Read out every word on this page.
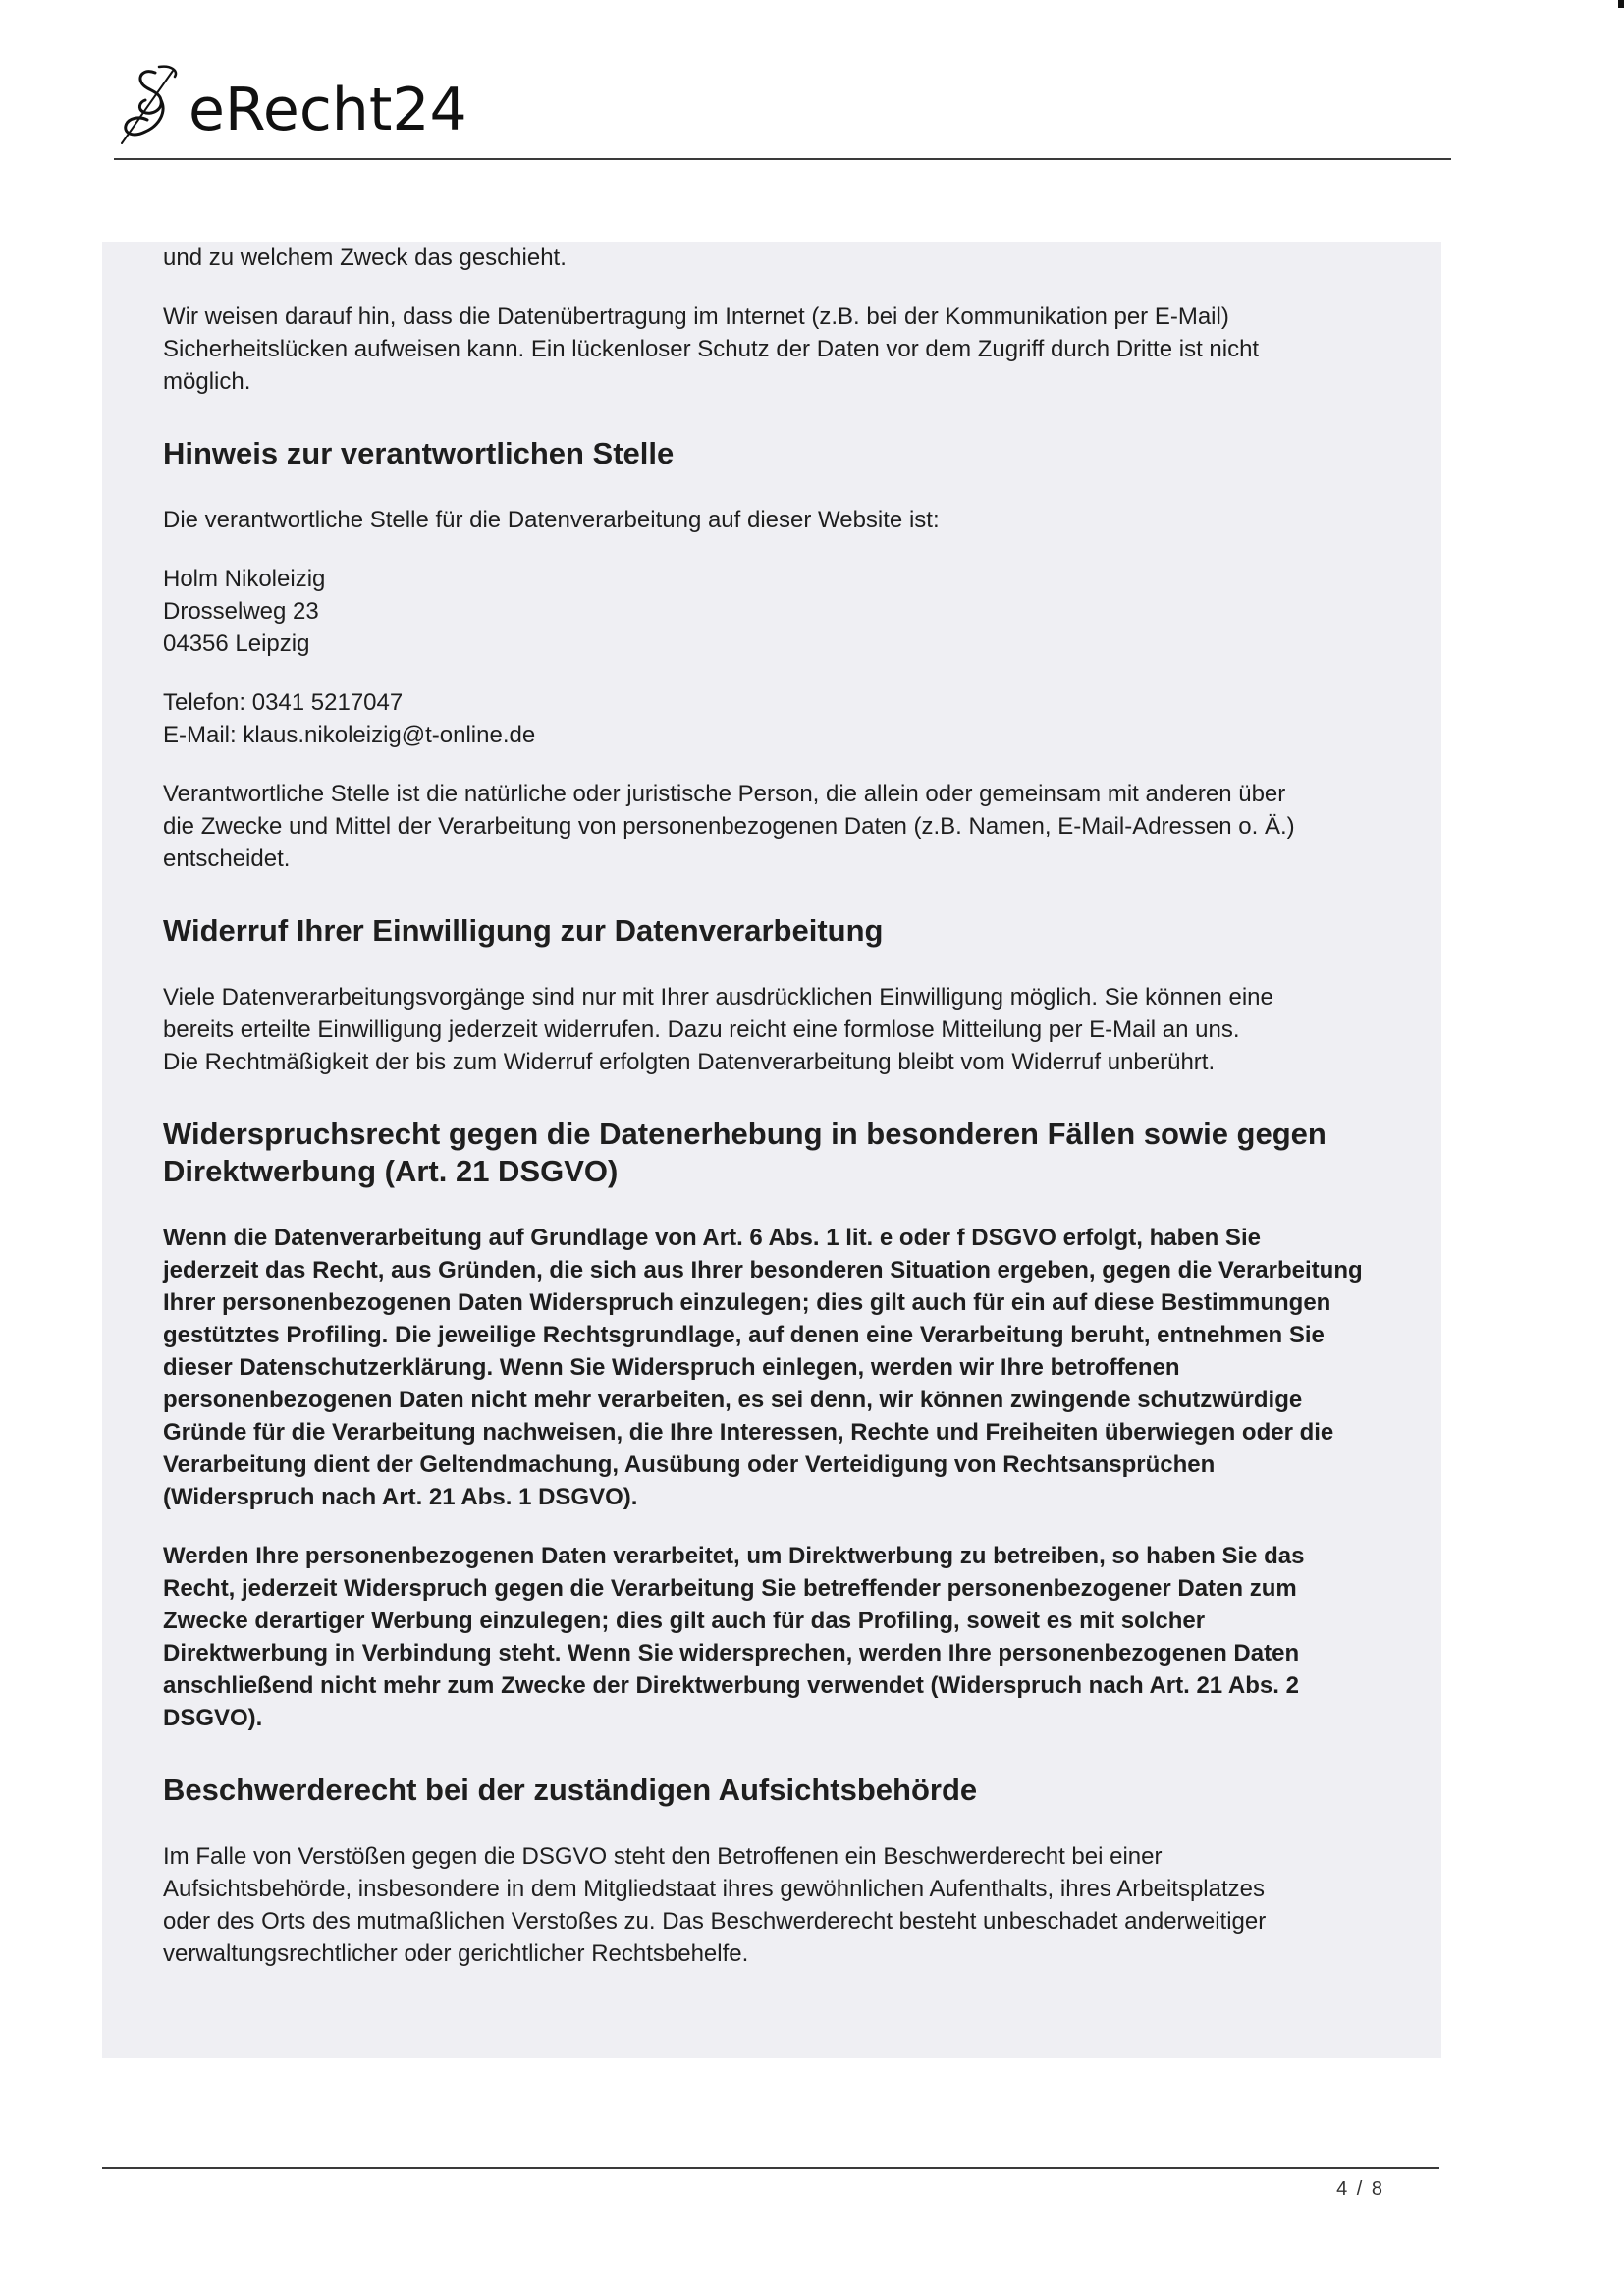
eRecht24

und zu welchem Zweck das geschieht.

Wir weisen darauf hin, dass die Datenübertragung im Internet (z.B. bei der Kommunikation per E-Mail)

Sicherheitslücken aufweisen kann. Ein lückenloser Schutz der Daten vor dem Zugriff durch Dritte ist nicht

möglich.

Hinweis zur verantwortlichen Stelle

Die verantwortliche Stelle für die Datenverarbeitung auf dieser Website ist:

Holm Nikoleizig

Drosselweg 23

04356 Leipzig

Telefon: 0341 5217047

E-Mail: klaus.nikoleizig@t-online.de

Verantwortliche Stelle ist die natürliche oder juristische Person, die allein oder gemeinsam mit anderen über

die Zwecke und Mittel der Verarbeitung von personenbezogenen Daten (z.B. Namen, E-Mail-Adressen o. Ä.)

entscheidet.

Widerruf Ihrer Einwilligung zur Datenverarbeitung

Viele Datenverarbeitungsvorgänge sind nur mit Ihrer ausdrücklichen Einwilligung möglich. Sie können eine

bereits erteilte Einwilligung jederzeit widerrufen. Dazu reicht eine formlose Mitteilung per E-Mail an uns.

Die Rechtmäßigkeit der bis zum Widerruf erfolgten Datenverarbeitung bleibt vom Widerruf unberührt.

Widerspruchsrecht gegen die Datenerhebung in besonderen Fällen sowie gegen
Direktwerbung (Art. 21 DSGVO)

Wenn die Datenverarbeitung auf Grundlage von Art. 6 Abs. 1 lit. e oder f DSGVO erfolgt, haben Sie

jederzeit das Recht, aus Gründen, die sich aus Ihrer besonderen Situation ergeben, gegen die Verarbeitung

Ihrer personenbezogenen Daten Widerspruch einzulegen; dies gilt auch für ein auf diese Bestimmungen

gestütztes Profiling. Die jeweilige Rechtsgrundlage, auf denen eine Verarbeitung beruht, entnehmen Sie

dieser Datenschutzerklärung. Wenn Sie Widerspruch einlegen, werden wir Ihre betroffenen

personenbezogenen Daten nicht mehr verarbeiten, es sei denn, wir können zwingende schutzwürdige

Gründe für die Verarbeitung nachweisen, die Ihre Interessen, Rechte und Freiheiten überwiegen oder die

Verarbeitung dient der Geltendmachung, Ausübung oder Verteidigung von Rechtsansprüchen

(Widerspruch nach Art. 21 Abs. 1 DSGVO).

Werden Ihre personenbezogenen Daten verarbeitet, um Direktwerbung zu betreiben, so haben Sie das

Recht, jederzeit Widerspruch gegen die Verarbeitung Sie betreffender personenbezogener Daten zum

Zwecke derartiger Werbung einzulegen; dies gilt auch für das Profiling, soweit es mit solcher

Direktwerbung in Verbindung steht. Wenn Sie widersprechen, werden Ihre personenbezogenen Daten

anschließend nicht mehr zum Zwecke der Direktwerbung verwendet (Widerspruch nach Art. 21 Abs. 2

DSGVO).

Beschwerderecht bei der zuständigen Aufsichtsbehörde

Im Falle von Verstößen gegen die DSGVO steht den Betroffenen ein Beschwerderecht bei einer

Aufsichtsbehörde, insbesondere in dem Mitgliedstaat ihres gewöhnlichen Aufenthalts, ihres Arbeitsplatzes

oder des Orts des mutmaßlichen Verstoßes zu. Das Beschwerderecht besteht unbeschadet anderweitiger

verwaltungsrechtlicher oder gerichtlicher Rechtsbehelfe.

4 / 8
